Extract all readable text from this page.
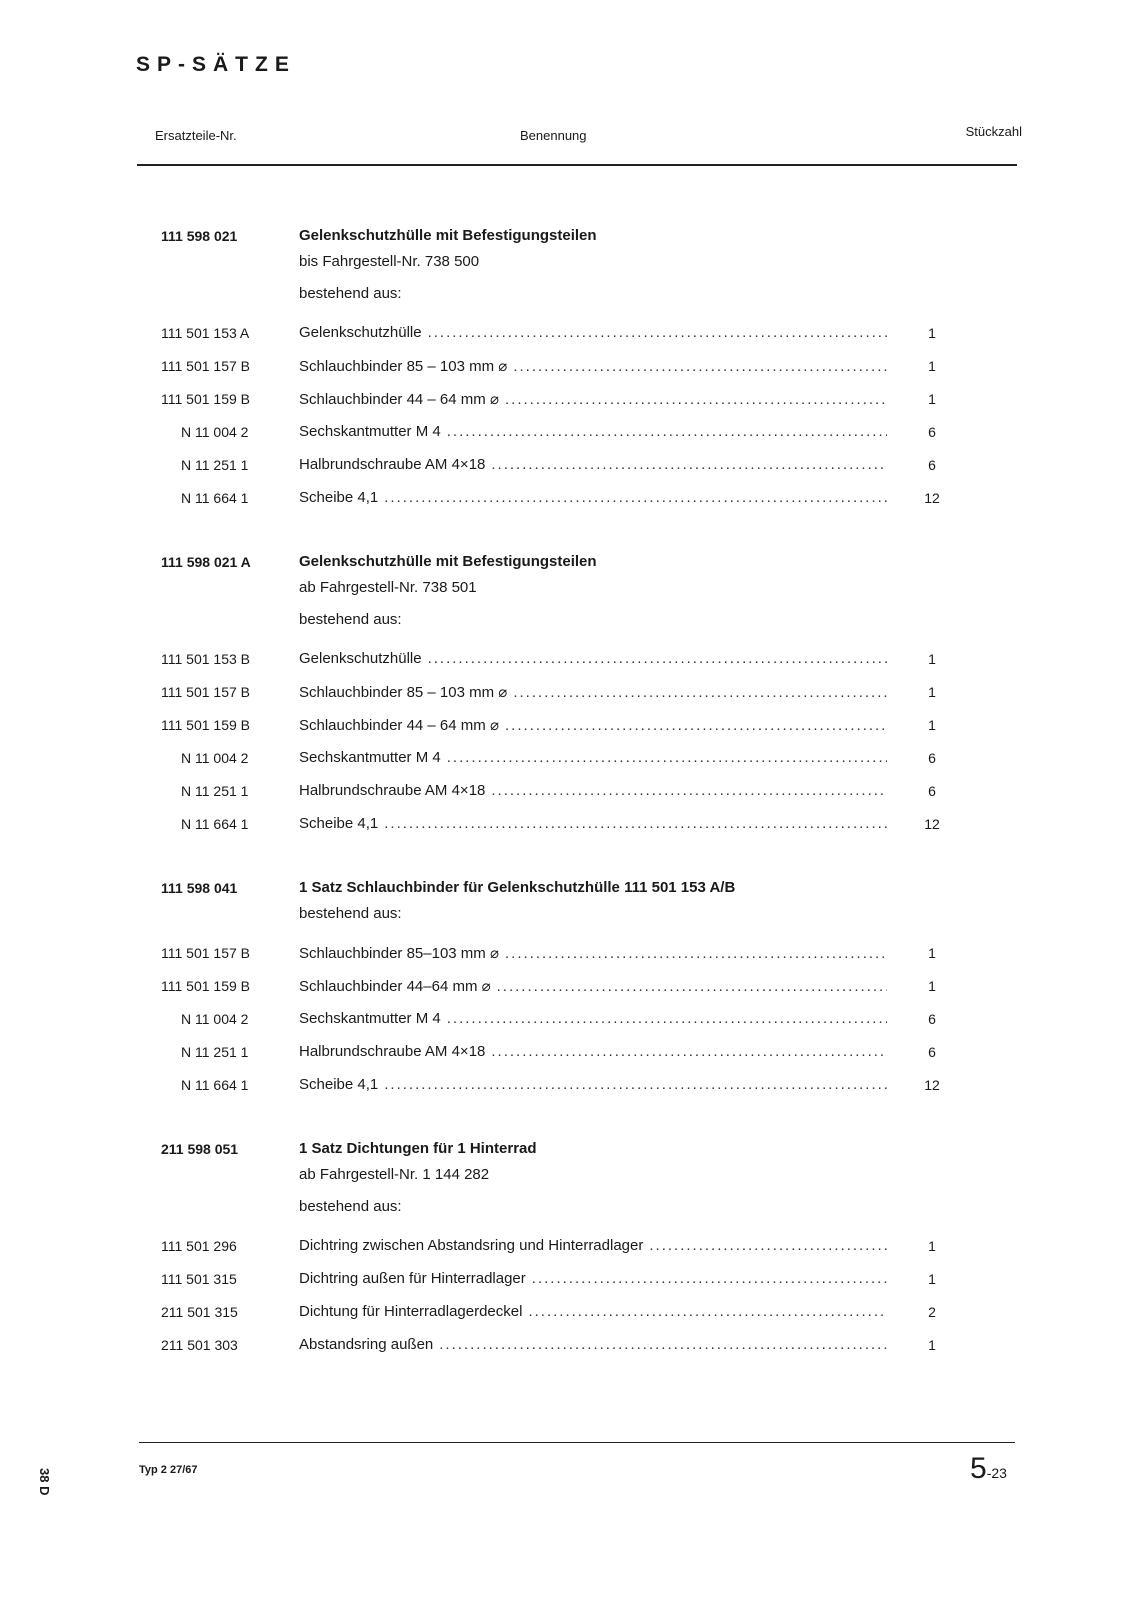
SP-SÄTZE
Ersatzteile-Nr.	Benennung	Stückzahl
111 598 021	Gelenkschutzhülle mit Befestigungsteilen
bis Fahrgestell-Nr. 738 500
bestehend aus:
111 501 153 A	Gelenkschutzhülle .....	1
111 501 157 B	Schlauchbinder 85 – 103 mm ⌀ .....	1
111 501 159 B	Schlauchbinder 44 – 64 mm ⌀ .....	1
N 11 004 2	Sechskantmutter M 4 .....	6
N 11 251 1	Halbrundschraube AM 4×18 .....	6
N 11 664 1	Scheibe 4,1 .....	12
111 598 021 A	Gelenkschutzhülle mit Befestigungsteilen
ab Fahrgestell-Nr. 738 501
bestehend aus:
111 501 153 B	Gelenkschutzhülle .....	1
111 501 157 B	Schlauchbinder 85 – 103 mm ⌀ .....	1
111 501 159 B	Schlauchbinder 44 – 64 mm ⌀ .....	1
N 11 004 2	Sechskantmutter M 4 .....	6
N 11 251 1	Halbrundschraube AM 4×18 .....	6
N 11 664 1	Scheibe 4,1 .....	12
111 598 041	1 Satz Schlauchbinder für Gelenkschutzhülle 111 501 153 A/B
bestehend aus:
111 501 157 B	Schlauchbinder 85–103 mm ⌀ .....	1
111 501 159 B	Schlauchbinder 44–64 mm ⌀ .....	1
N 11 004 2	Sechskantmutter M 4 .....	6
N 11 251 1	Halbrundschraube AM 4×18 .....	6
N 11 664 1	Scheibe 4,1 .....	12
211 598 051	1 Satz Dichtungen für 1 Hinterrad
ab Fahrgestell-Nr. 1 144 282
bestehend aus:
111 501 296	Dichtring zwischen Abstandsring und Hinterradlager .....	1
111 501 315	Dichtring außen für Hinterradlager .....	1
211 501 315	Dichtung für Hinterradlagerdeckel .....	2
211 501 303	Abstandsring außen .....	1
Typ 2 27/67	5-23
38 D
